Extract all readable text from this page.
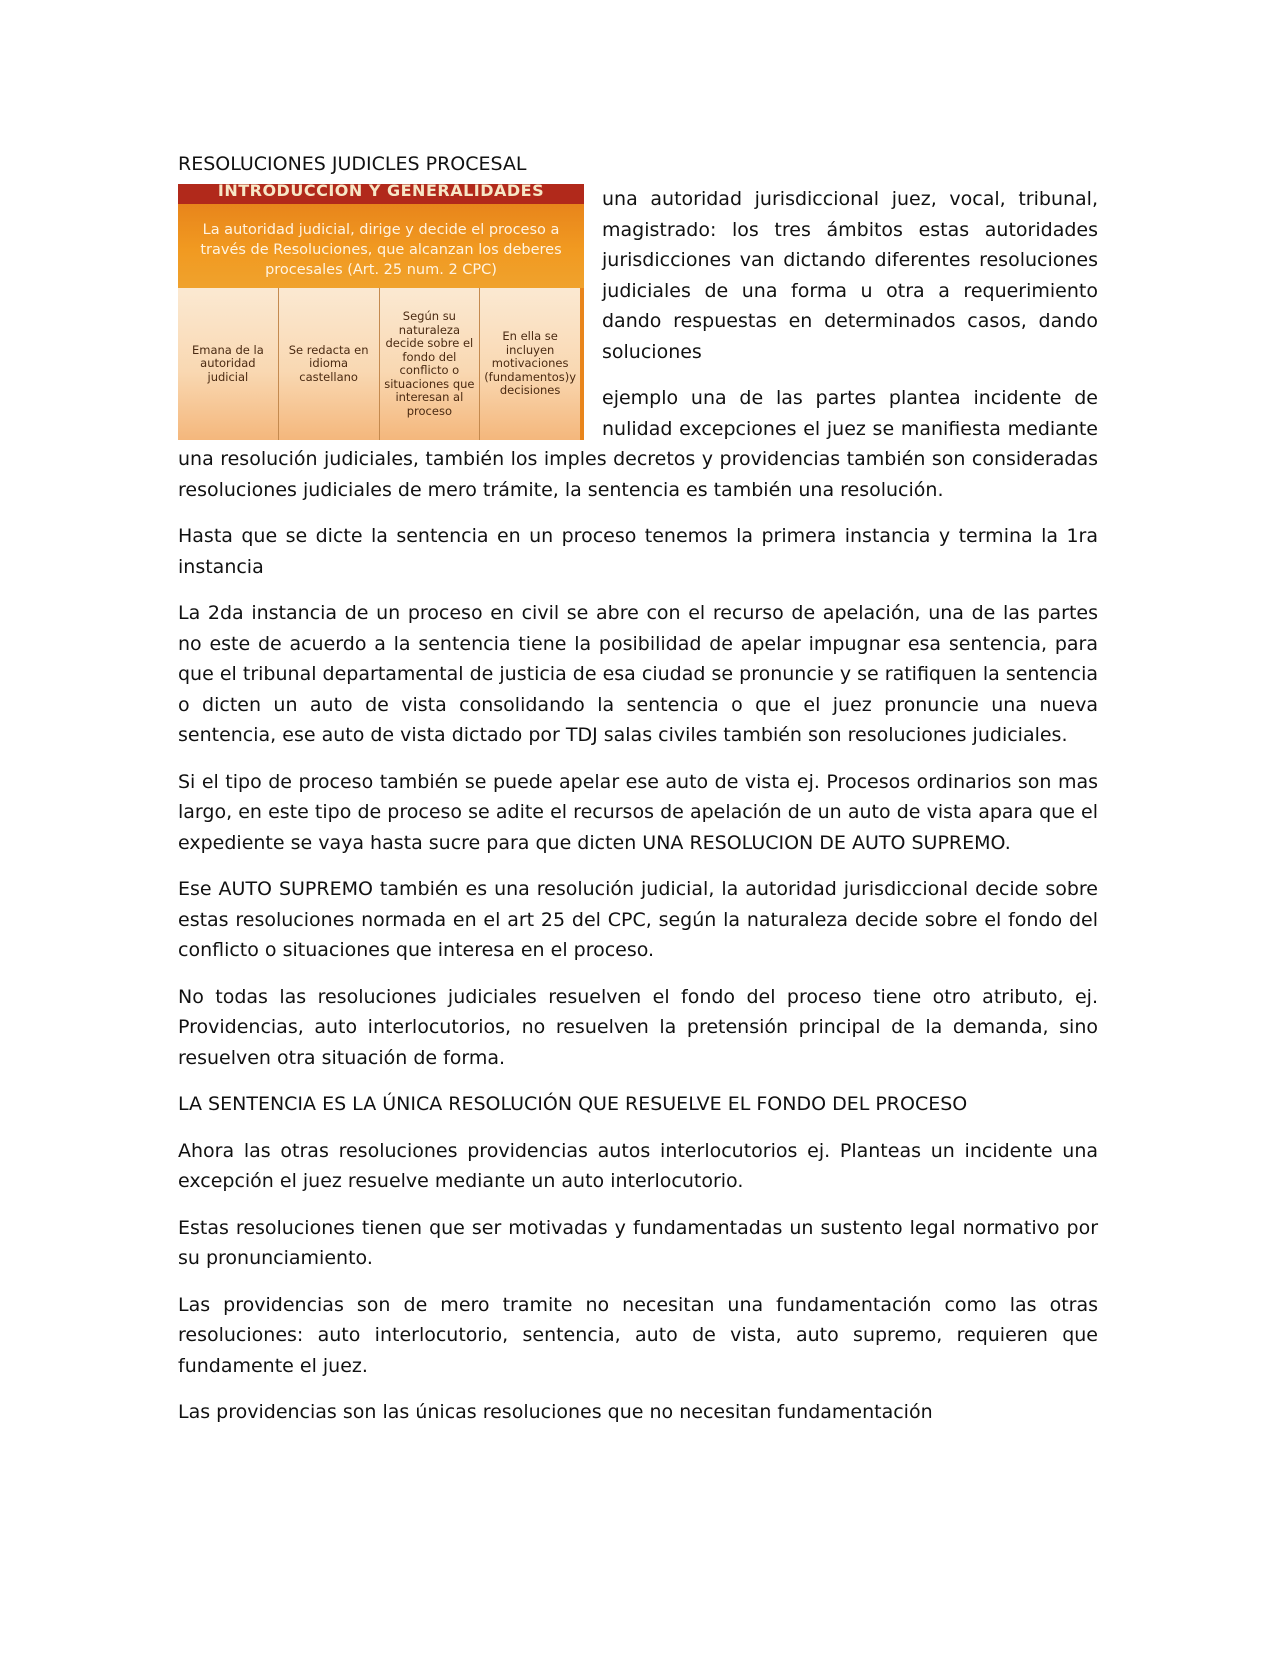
RESOLUCIONES JUDICLES PROCESAL
INTRODUCCION Y GENERALIDADES
La autoridad judicial, dirige y decide el proceso a través de Resoluciones, que alcanzan los deberes procesales (Art. 25 num. 2 CPC)
Emana de la autoridad judicial
Se redacta en idioma castellano
Según su naturaleza decide sobre el fondo del conflicto o situaciones que interesan al proceso
En ella se incluyen motivaciones (fundamentos)y decisiones

una autoridad jurisdiccional juez, vocal, tribunal, magistrado: los tres ámbitos estas autoridades jurisdicciones van dictando diferentes resoluciones judiciales de una forma u otra a requerimiento dando respuestas en determinados casos, dando soluciones

ejemplo una de las partes plantea incidente de nulidad excepciones el juez se manifiesta mediante una resolución judiciales, también los imples decretos y providencias también son consideradas resoluciones judiciales de mero trámite, la sentencia es también una resolución.

Hasta que se dicte la sentencia en un proceso tenemos la primera instancia y termina la 1ra instancia

La 2da instancia de un proceso en civil se abre con el recurso de apelación, una de las partes no este de acuerdo a la sentencia tiene la posibilidad de apelar impugnar esa sentencia, para que el tribunal departamental de justicia de esa ciudad se pronuncie y se ratifiquen la sentencia o dicten un auto de vista consolidando la sentencia o que el juez pronuncie una nueva sentencia, ese auto de vista dictado por TDJ salas civiles también son resoluciones judiciales.

Si el tipo de proceso también se puede apelar ese auto de vista ej. Procesos ordinarios son mas largo, en este tipo de proceso se adite el recursos de apelación de un auto de vista apara que el expediente se vaya hasta sucre para que dicten UNA RESOLUCION DE AUTO SUPREMO.

Ese AUTO SUPREMO también es una resolución judicial, la autoridad jurisdiccional decide sobre estas resoluciones normada en el art 25 del CPC, según la naturaleza decide sobre el fondo del conflicto o situaciones que interesa en el proceso.

No todas las resoluciones judiciales resuelven el fondo del proceso tiene otro atributo, ej. Providencias, auto interlocutorios, no resuelven la pretensión principal de la demanda, sino resuelven otra situación de forma.

LA SENTENCIA ES LA ÚNICA RESOLUCIÓN QUE RESUELVE EL FONDO DEL PROCESO

Ahora las otras resoluciones providencias autos interlocutorios ej. Planteas un incidente una excepción el juez resuelve mediante un auto interlocutorio.

Estas resoluciones tienen que ser motivadas y fundamentadas un sustento legal normativo por su pronunciamiento.

Las providencias son de mero tramite no necesitan una fundamentación como las otras resoluciones: auto interlocutorio, sentencia, auto de vista, auto supremo, requieren que fundamente el juez.

Las providencias son las únicas resoluciones que no necesitan fundamentación
